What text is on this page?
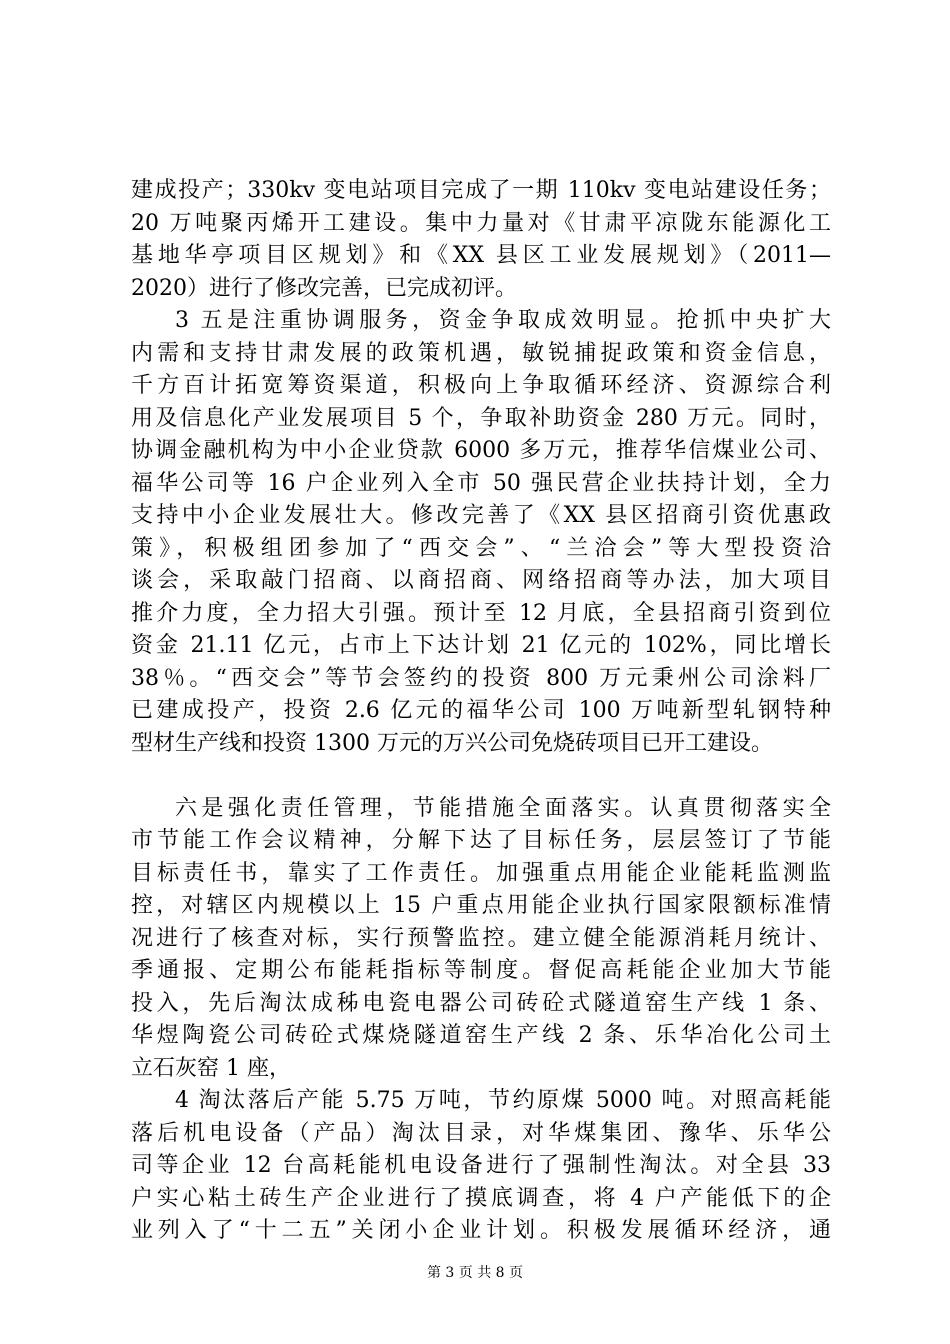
建成投产；330kv 变电站项目完成了一期 110kv 变电站建设任务；
20 万吨聚丙烯开工建设。集中力量对《甘肃平凉陇东能源化工
基地华亭项目区规划》和《XX 县区工业发展规划》（2011—
2020）进行了修改完善，已完成初评。
3 五是注重协调服务，资金争取成效明显。抢抓中央扩大
内需和支持甘肃发展的政策机遇，敏锐捕捉政策和资金信息，
千方百计拓宽筹资渠道，积极向上争取循环经济、资源综合利
用及信息化产业发展项目 5 个，争取补助资金 280 万元。同时，
协调金融机构为中小企业贷款 6000 多万元，推荐华信煤业公司、
福华公司等 16 户企业列入全市 50 强民营企业扶持计划，全力
支持中小企业发展壮大。修改完善了《XX 县区招商引资优惠政
策》，积极组团参加了“西交会”、“兰洽会”等大型投资洽
谈会，采取敲门招商、以商招商、网络招商等办法，加大项目
推介力度，全力招大引强。预计至 12 月底，全县招商引资到位
资金 21.11 亿元，占市上下达计划 21 亿元的 102%，同比增长
38％。“西交会”等节会签约的投资 800 万元秉州公司涂料厂
已建成投产，投资 2.6 亿元的福华公司 100 万吨新型轧钢特种
型材生产线和投资 1300 万元的万兴公司免烧砖项目已开工建设。
六是强化责任管理，节能措施全面落实。认真贯彻落实全
市节能工作会议精神，分解下达了目标任务，层层签订了节能
目标责任书，靠实了工作责任。加强重点用能企业能耗监测监
控，对辖区内规模以上 15 户重点用能企业执行国家限额标准情
况进行了核查对标，实行预警监控。建立健全能源消耗月统计、
季通报、定期公布能耗指标等制度。督促高耗能企业加大节能
投入，先后淘汰成秭电瓷电器公司砖砼式隧道窑生产线 1 条、
华煜陶瓷公司砖砼式煤烧隧道窑生产线 2 条、乐华冶化公司土
立石灰窑 1 座，
4 淘汰落后产能 5.75 万吨，节约原煤 5000 吨。对照高耗能
落后机电设备（产品）淘汰目录，对华煤集团、豫华、乐华公
司等企业 12 台高耗能机电设备进行了强制性淘汰。对全县 33
户实心粘土砖生产企业进行了摸底调查，将 4 户产能低下的企
业列入了“十二五”关闭小企业计划。积极发展循环经济，通
第 3 页 共 8 页
